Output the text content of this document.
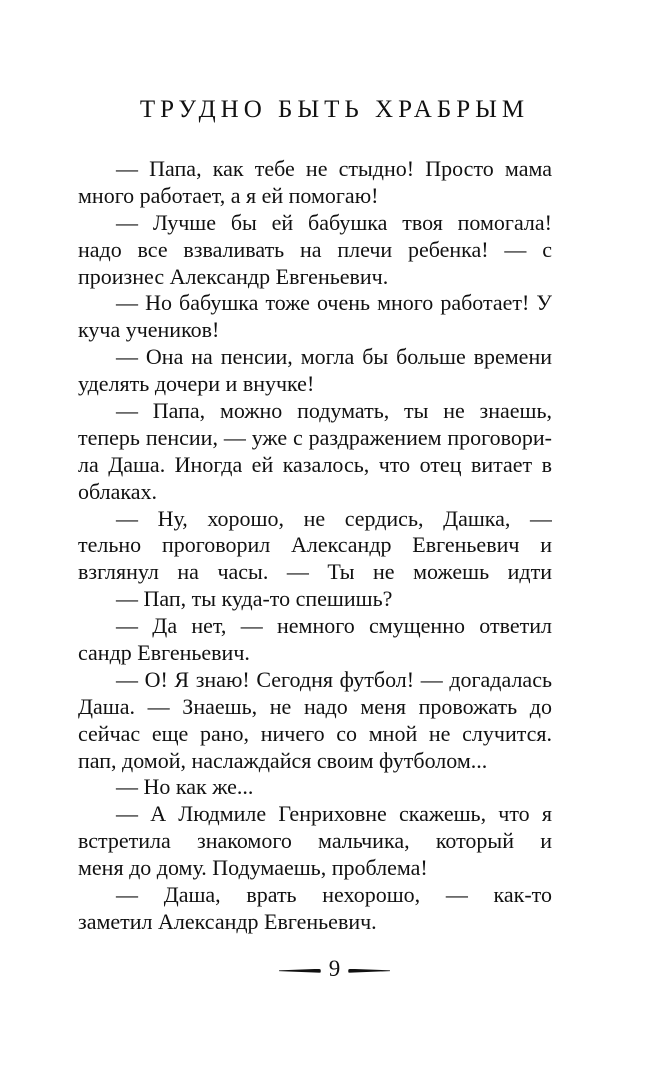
ТРУДНО БЫТЬ ХРАБРЫМ
— Папа, как тебе не стыдно! Просто мама
много работает, а я ей помогаю!
— Лучше бы ей бабушка твоя помогала!
надо все взваливать на плечи ребенка! — с
произнес Александр Евгеньевич.
— Но бабушка тоже очень много работает! У
куча учеников!
— Она на пенсии, могла бы больше времени
уделять дочери и внучке!
— Папа, можно подумать, ты не знаешь,
теперь пенсии, — уже с раздражением проговори-
ла Даша. Иногда ей казалось, что отец витает в
облаках.
— Ну, хорошо, не сердись, Дашка, —
тельно проговорил Александр Евгеньевич и
взглянул на часы. — Ты не можешь идти
— Пап, ты куда-то спешишь?
— Да нет, — немного смущенно ответил
сандр Евгеньевич.
— О! Я знаю! Сегодня футбол! — догадалась
Даша. — Знаешь, не надо меня провожать до
сейчас еще рано, ничего со мной не случится.
пап, домой, наслаждайся своим футболом...
— Но как же...
— А Людмиле Генриховне скажешь, что я
встретила знакомого мальчика, который и
меня до дому. Подумаешь, проблема!
— Даша, врать нехорошо, — как-то
заметил Александр Евгеньевич.
9
